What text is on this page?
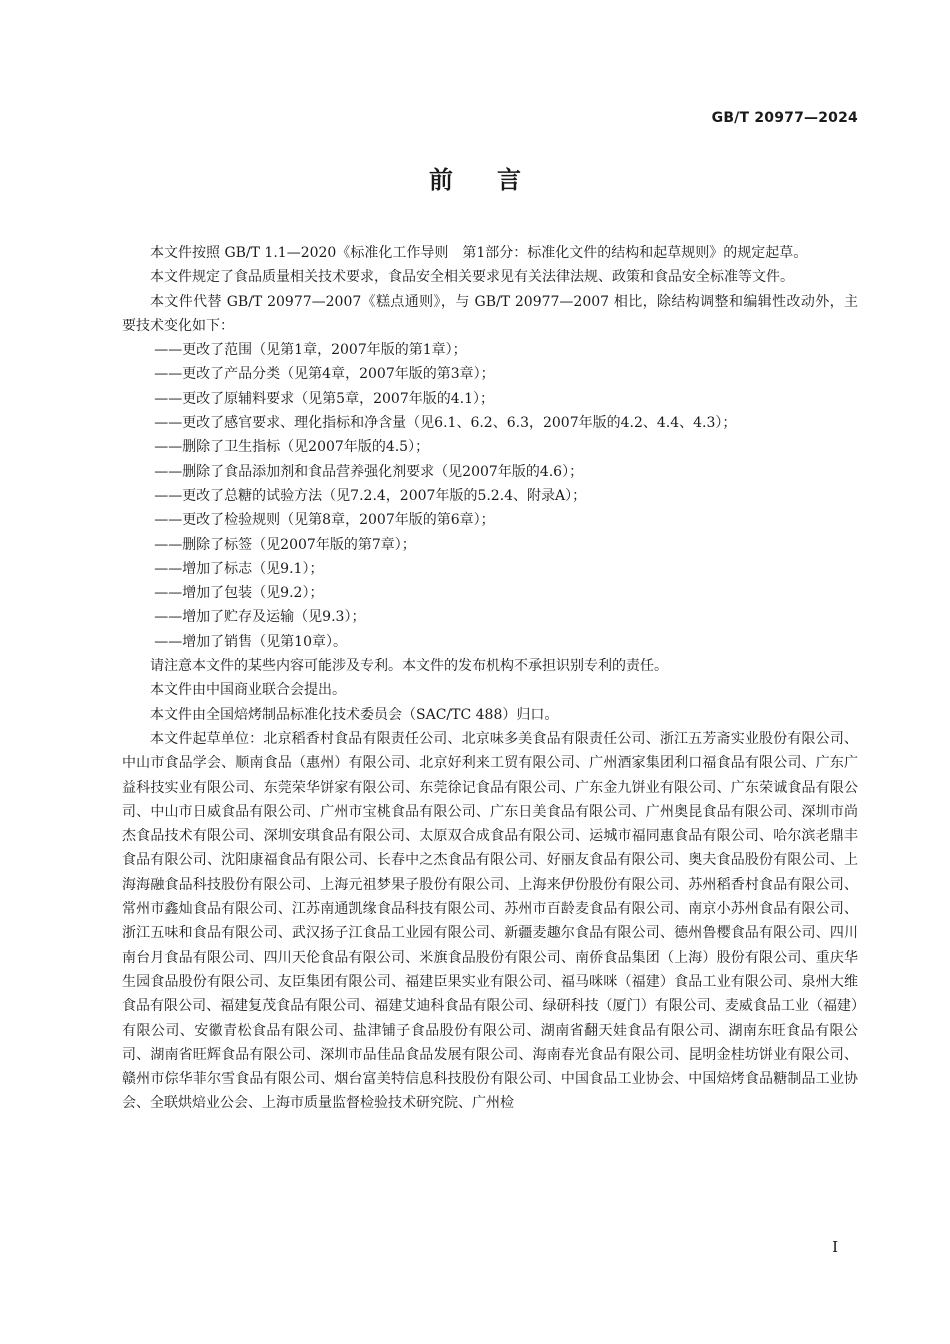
GB/T 20977—2024
前言

本文件按照 GB/T 1.1—2020《标准化工作导则　第1部分：标准化文件的结构和起草规则》的规定起草。

本文件规定了食品质量相关技术要求，食品安全相关要求见有关法律法规、政策和食品安全标准等文件。

本文件代替 GB/T 20977—2007《糕点通则》，与 GB/T 20977—2007 相比，除结构调整和编辑性改动外，主要技术变化如下：

——更改了范围（见第1章，2007年版的第1章）；

——更改了产品分类（见第4章，2007年版的第3章）；

——更改了原辅料要求（见第5章，2007年版的4.1）；

——更改了感官要求、理化指标和净含量（见6.1、6.2、6.3，2007年版的4.2、4.4、4.3）；

——删除了卫生指标（见2007年版的4.5）；

——删除了食品添加剂和食品营养强化剂要求（见2007年版的4.6）；

——更改了总糖的试验方法（见7.2.4，2007年版的5.2.4、附录A）；

——更改了检验规则（见第8章，2007年版的第6章）；

——删除了标签（见2007年版的第7章）；

——增加了标志（见9.1）；

——增加了包装（见9.2）；

——增加了贮存及运输（见9.3）；

——增加了销售（见第10章）。

请注意本文件的某些内容可能涉及专利。本文件的发布机构不承担识别专利的责任。

本文件由中国商业联合会提出。

本文件由全国焙烤制品标准化技术委员会（SAC/TC 488）归口。

本文件起草单位：北京稻香村食品有限责任公司、北京味多美食品有限责任公司、浙江五芳斋实业股份有限公司、中山市食品学会、顺南食品（惠州）有限公司、北京好利来工贸有限公司、广州酒家集团利口福食品有限公司、广东广益科技实业有限公司、东莞荣华饼家有限公司、东莞徐记食品有限公司、广东金九饼业有限公司、广东荣诚食品有限公司、中山市日威食品有限公司、广州市宝桃食品有限公司、广东日美食品有限公司、广州奥昆食品有限公司、深圳市尚杰食品技术有限公司、深圳安琪食品有限公司、太原双合成食品有限公司、运城市福同惠食品有限公司、哈尔滨老鼎丰食品有限公司、沈阳康福食品有限公司、长春中之杰食品有限公司、好丽友食品有限公司、奥夫食品股份有限公司、上海海融食品科技股份有限公司、上海元祖梦果子股份有限公司、上海来伊份股份有限公司、苏州稻香村食品有限公司、常州市鑫灿食品有限公司、江苏南通凯缘食品科技有限公司、苏州市百龄麦食品有限公司、南京小苏州食品有限公司、浙江五味和食品有限公司、武汉扬子江食品工业园有限公司、新疆麦趣尔食品有限公司、德州鲁樱食品有限公司、四川南台月食品有限公司、四川天伦食品有限公司、米旗食品股份有限公司、南侨食品集团（上海）股份有限公司、重庆华生园食品股份有限公司、友臣集团有限公司、福建臣果实业有限公司、福马咪咪（福建）食品工业有限公司、泉州大维食品有限公司、福建复茂食品有限公司、福建艾迪科食品有限公司、绿研科技（厦门）有限公司、麦威食品工业（福建）有限公司、安徽青松食品有限公司、盐津铺子食品股份有限公司、湖南省翻天娃食品有限公司、湖南东旺食品有限公司、湖南省旺辉食品有限公司、深圳市品佳品食品发展有限公司、海南春光食品有限公司、昆明金桂坊饼业有限公司、赣州市倧华菲尔雪食品有限公司、烟台富美特信息科技股份有限公司、中国食品工业协会、中国焙烤食品糖制品工业协会、全联烘焙业公会、上海市质量监督检验技术研究院、广州检

I
